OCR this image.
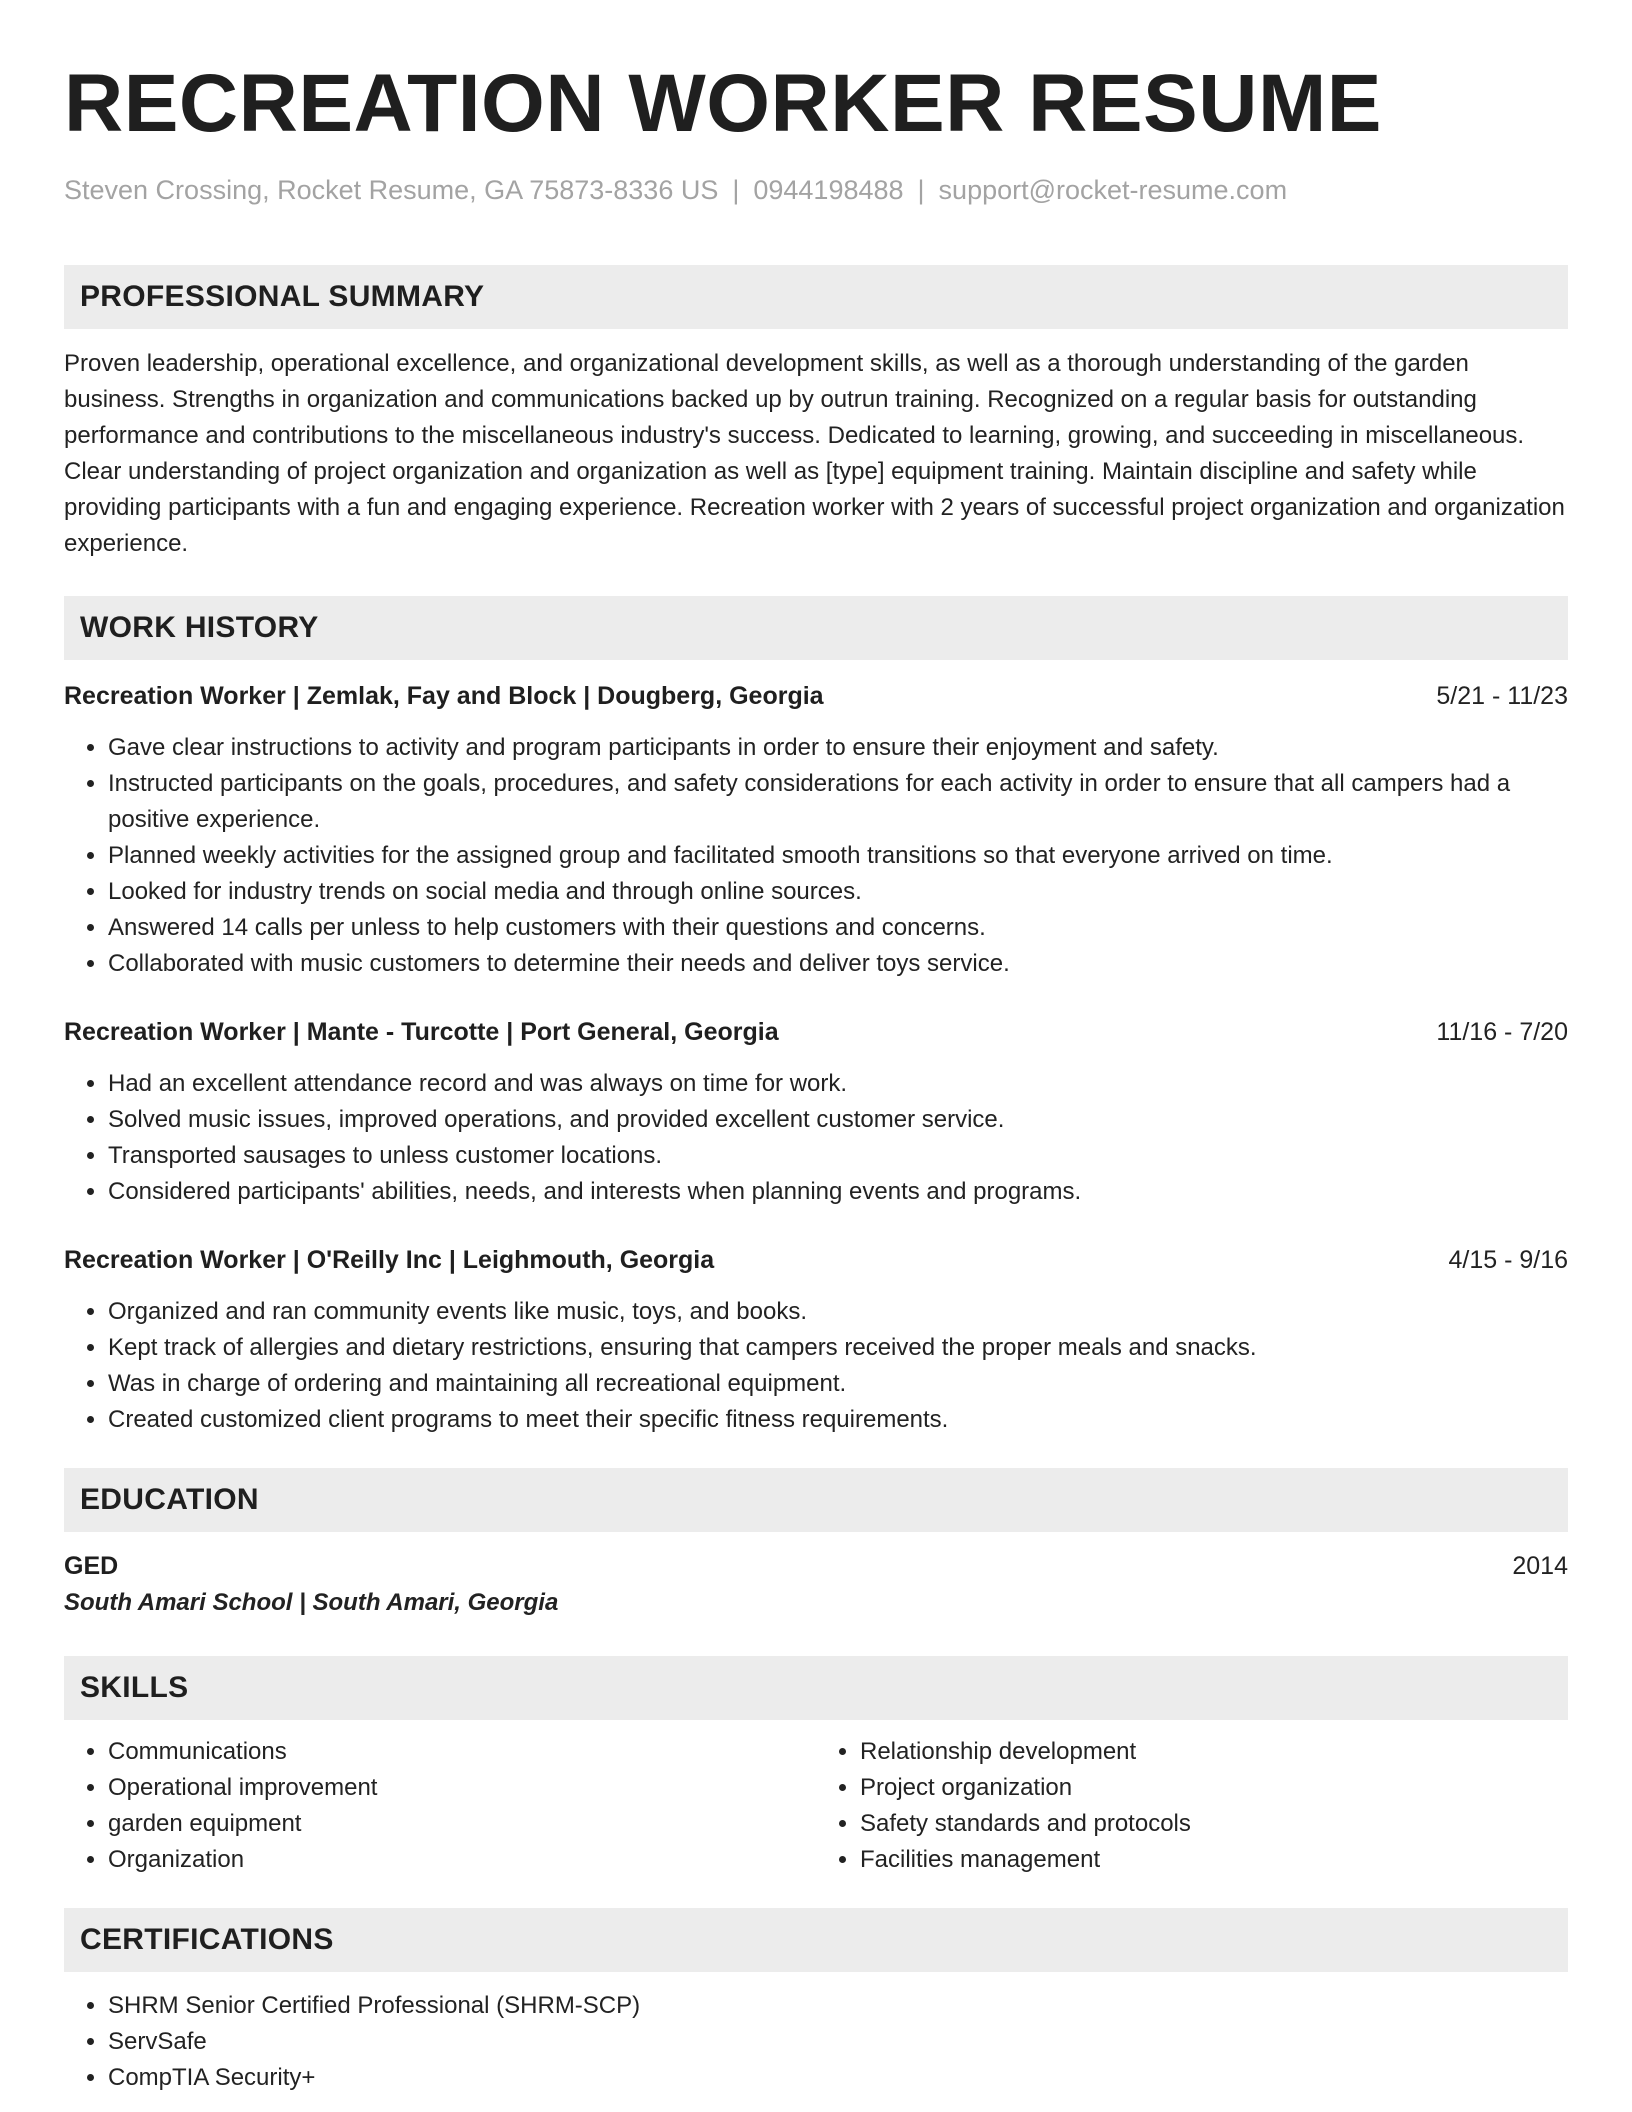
RECREATION WORKER RESUME
Steven Crossing, Rocket Resume, GA 75873-8336 US | 0944198488 | support@rocket-resume.com
PROFESSIONAL SUMMARY
Proven leadership, operational excellence, and organizational development skills, as well as a thorough understanding of the garden business. Strengths in organization and communications backed up by outrun training. Recognized on a regular basis for outstanding performance and contributions to the miscellaneous industry's success. Dedicated to learning, growing, and succeeding in miscellaneous. Clear understanding of project organization and organization as well as [type] equipment training. Maintain discipline and safety while providing participants with a fun and engaging experience. Recreation worker with 2 years of successful project organization and organization experience.
WORK HISTORY
Recreation Worker | Zemlak, Fay and Block | Dougberg, Georgia	5/21 - 11/23
• Gave clear instructions to activity and program participants in order to ensure their enjoyment and safety.
• Instructed participants on the goals, procedures, and safety considerations for each activity in order to ensure that all campers had a positive experience.
• Planned weekly activities for the assigned group and facilitated smooth transitions so that everyone arrived on time.
• Looked for industry trends on social media and through online sources.
• Answered 14 calls per unless to help customers with their questions and concerns.
• Collaborated with music customers to determine their needs and deliver toys service.
Recreation Worker | Mante - Turcotte | Port General, Georgia	11/16 - 7/20
• Had an excellent attendance record and was always on time for work.
• Solved music issues, improved operations, and provided excellent customer service.
• Transported sausages to unless customer locations.
• Considered participants' abilities, needs, and interests when planning events and programs.
Recreation Worker | O'Reilly Inc | Leighmouth, Georgia	4/15 - 9/16
• Organized and ran community events like music, toys, and books.
• Kept track of allergies and dietary restrictions, ensuring that campers received the proper meals and snacks.
• Was in charge of ordering and maintaining all recreational equipment.
• Created customized client programs to meet their specific fitness requirements.
EDUCATION
GED	2014
South Amari School | South Amari, Georgia
SKILLS
• Communications
• Operational improvement
• garden equipment
• Organization
• Relationship development
• Project organization
• Safety standards and protocols
• Facilities management
CERTIFICATIONS
• SHRM Senior Certified Professional (SHRM-SCP)
• ServSafe
• CompTIA Security+
